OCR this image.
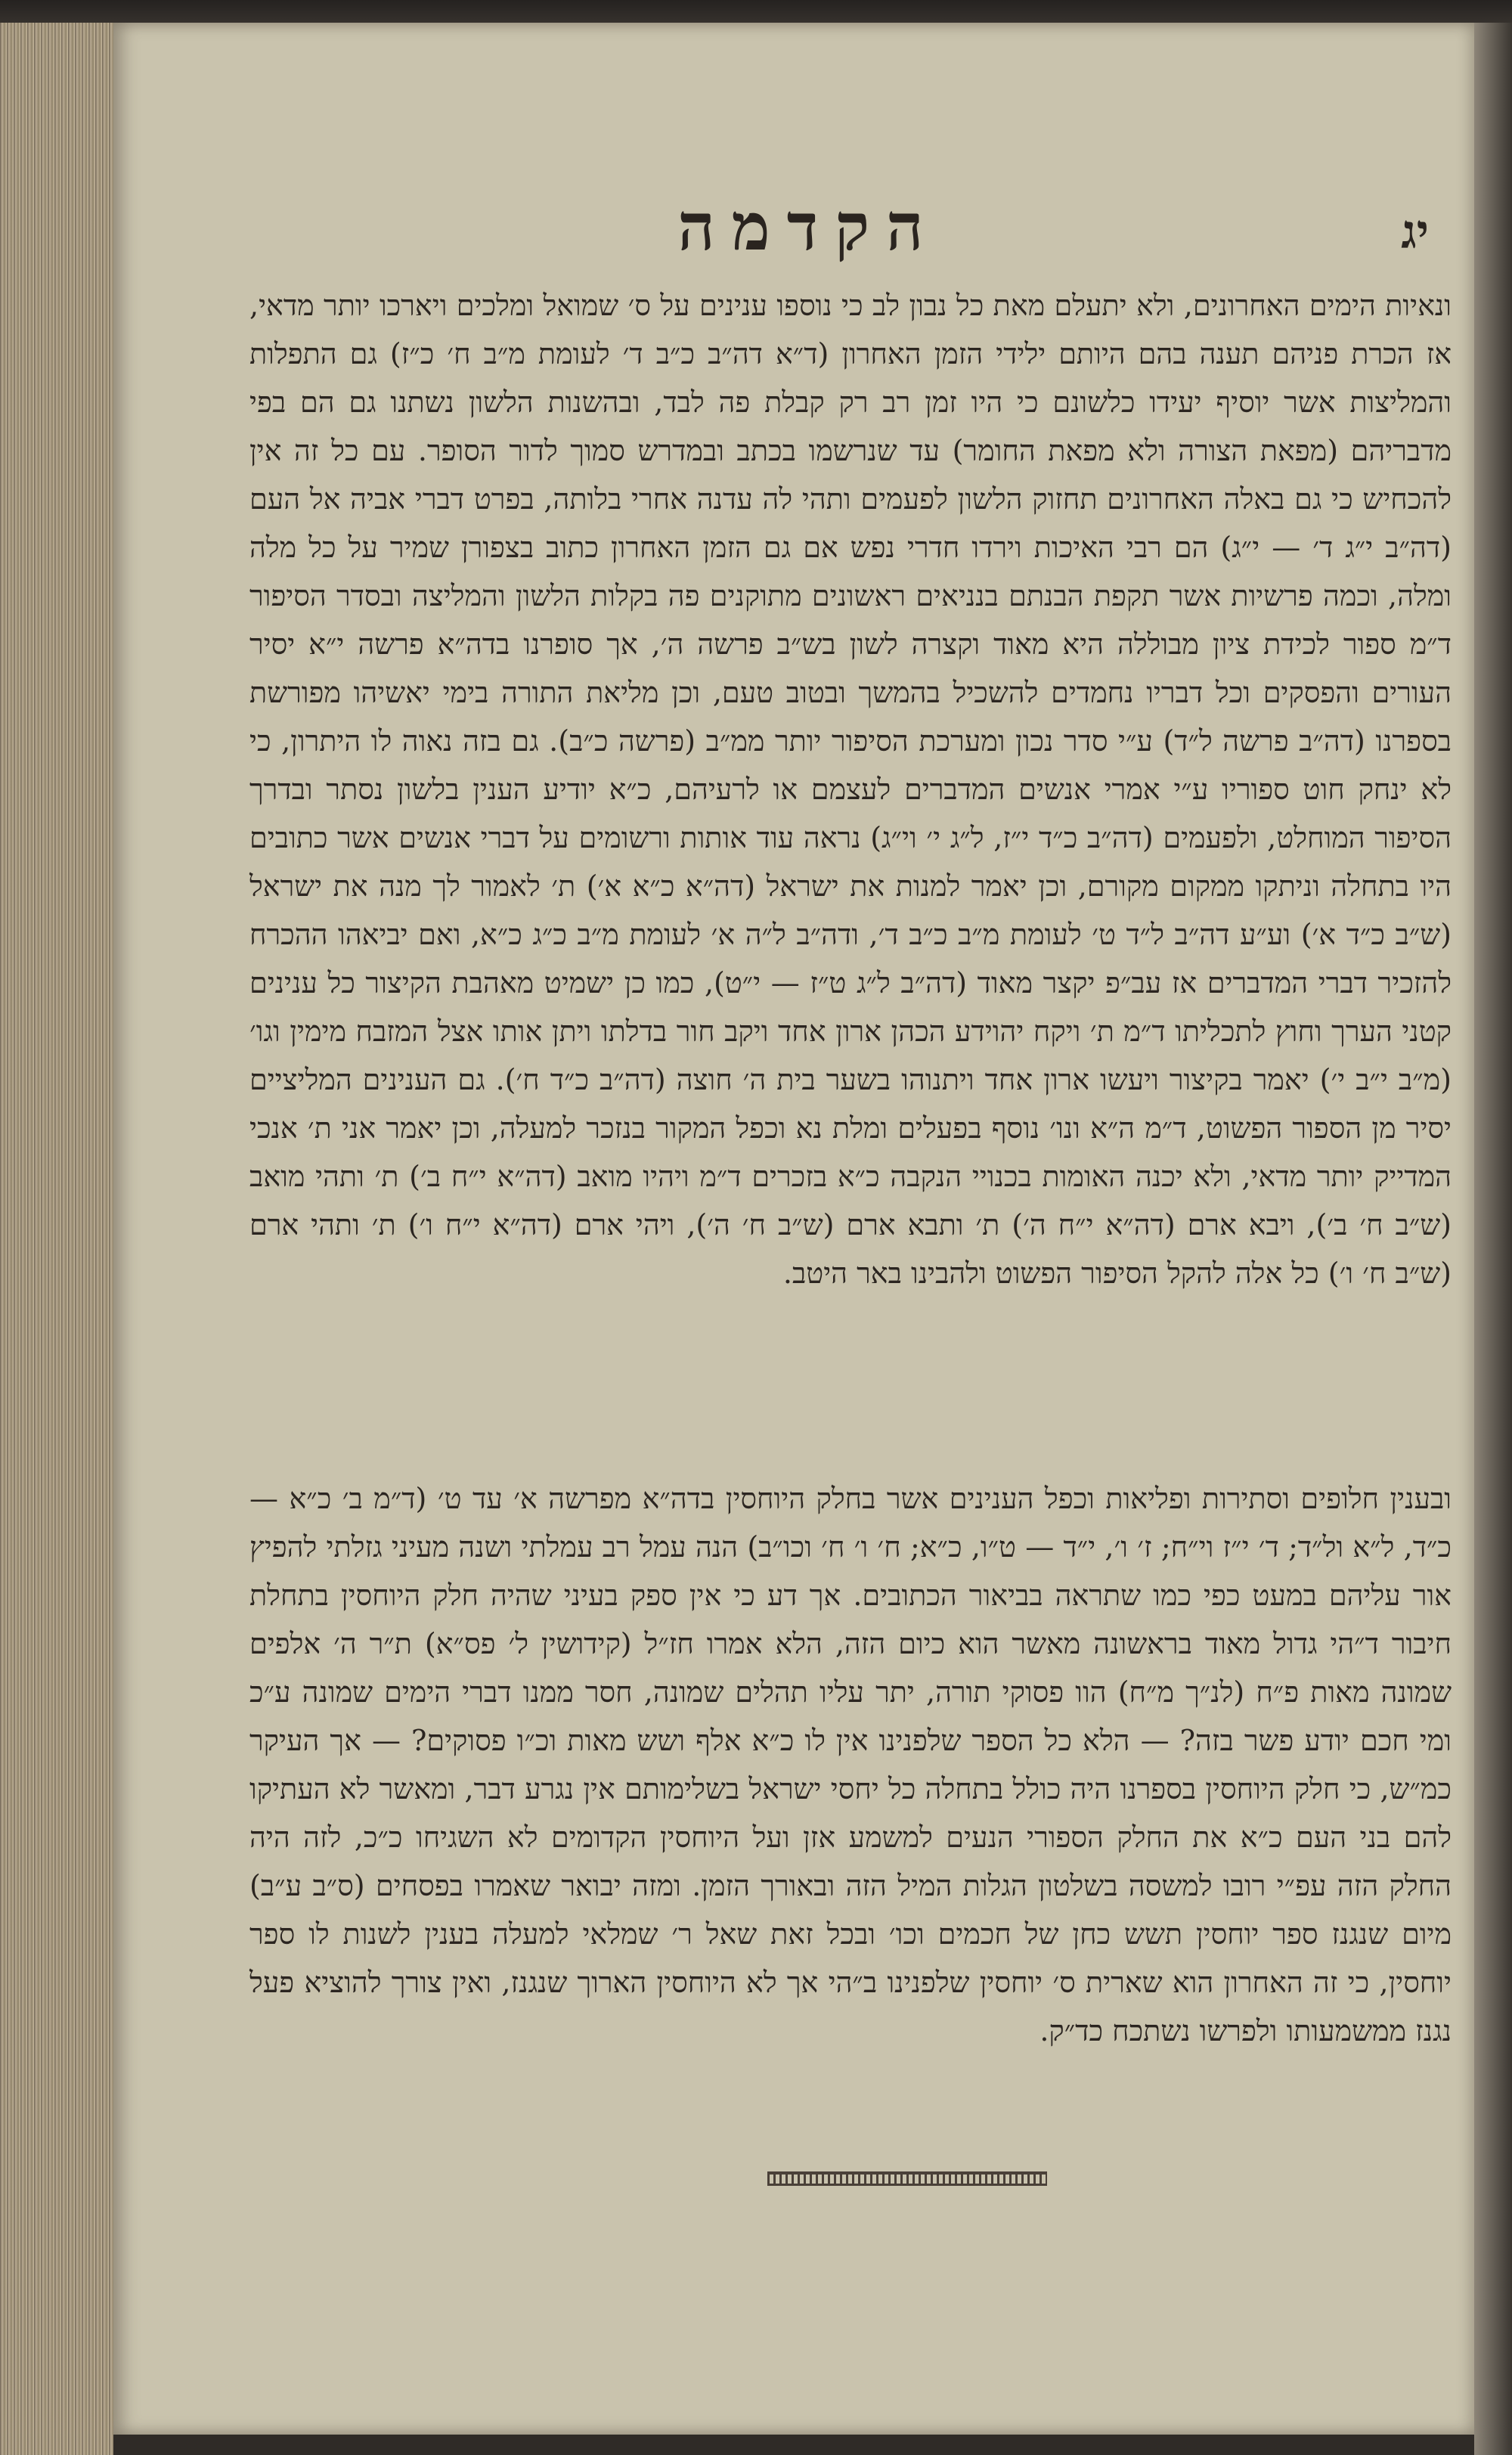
יג
הקדמה

ונאיות הימים האחרונים, ולא יתעלם מאת כל נבון לב כי נוספו ענינים על ס׳ שמואל ומלכים ויארכו יותר מדאי, אז הכרת פניהם תענה בהם היותם ילידי הזמן האחרון (ד״א דה״ב כ״ב ד׳ לעומת מ״ב ח׳ כ״ז) גם התפלות והמליצות אשר יוסיף יעידו כלשונם כי היו זמן רב רק קבלת פה לבד, ובהשנות הלשון נשתנו גם הם בפי מדבריהם (מפאת הצורה ולא מפאת החומר) עד שנרשמו בכתב ובמדרש סמוך לדור הסופר. עם כל זה אין להכחיש כי גם באלה האחרונים תחזוק הלשון לפעמים ותהי לה עדנה אחרי בלותה, בפרט דברי אביה אל העם (דה״ב י״ג ד׳ — י״ג) הם רבי האיכות וירדו חדרי נפש אם גם הזמן האחרון כתוב בצפורן שמיר על כל מלה ומלה, וכמה פרשיות אשר תקפת הבנתם בנניאים ראשונים מתוקנים פה בקלות הלשון והמליצה ובסדר הסיפור ד״מ ספור לכידת ציון מבוללה היא מאוד וקצרה לשון בש״ב פרשה ה׳, אך סופרנו בדה״א פרשה י״א יסיר העורים והפסקים וכל דבריו נחמדים להשכיל בהמשך ובטוב טעם, וכן מליאת התורה בימי יאשיהו מפורשת בספרנו (דה״ב פרשה ל״ד) ע״י סדר נכון ומערכת הסיפור יותר ממ״ב (פרשה כ״ב). גם בזה נאוה לו היתרון, כי לא ינחק חוט ספוריו ע״י אמרי אנשים המדברים לעצמם או לרעיהם, כ״א יודיע הענין בלשון נסתר ובדרך הסיפור המוחלט, ולפעמים (דה״ב כ״ד י״ז, ל״ג י׳ וי״ג) נראה עוד אותות ורשומים על דברי אנשים אשר כתובים היו בתחלה וניתקו ממקום מקורם, וכן יאמר למנות את ישראל (דה״א כ״א א׳) ת׳ לאמור לך מנה את ישראל (ש״ב כ״ד א׳) וע״ע דה״ב ל״ד ט׳ לעומת מ״ב כ״ב ד׳, ודה״ב ל״ה א׳ לעומת מ״ב כ״ג כ״א, ואם יביאהו ההכרח להזכיר דברי המדברים אז עב״פ יקצר מאוד (דה״ב ל״ג ט״ז — י״ט), כמו כן ישמיט מאהבת הקיצור כל ענינים קטני הערך וחוץ לתכליתו ד״מ ת׳ ויקח יהוידע הכהן ארון אחד ויקב חור בדלתו ויתן אותו אצל המזבח מימין וגו׳ (מ״ב י״ב י׳) יאמר בקיצור ויעשו ארון אחד ויתנוהו בשער בית ה׳ חוצה (דה״ב כ״ד ח׳). גם הענינים המליציים יסיר מן הספור הפשוט, ד״מ ה״א ונו׳ נוסף בפעלים ומלת נא וכפל המקור בנזכר למעלה, וכן יאמר אני ת׳ אנכי המדייק יותר מדאי, ולא יכנה האומות בכנויי הנקבה כ״א בזכרים ד״מ ויהיו מואב (דה״א י״ח ב׳) ת׳ ותהי מואב (ש״ב ח׳ ב׳), ויבא ארם (דה״א י״ח ה׳) ת׳ ותבא ארם (ש״ב ח׳ ה׳), ויהי ארם (דה״א י״ח ו׳) ת׳ ותהי ארם (ש״ב ח׳ ו׳) כל אלה להקל הסיפור הפשוט ולהבינו באר היטב.

ובענין חלופים וסתירות ופליאות וכפל הענינים אשר בחלק היוחסין בדה״א מפרשה א׳ עד ט׳ (ד״מ ב׳ כ״א — כ״ד, ל״א ול״ד; ד׳ י״ז וי״ח; ז׳ ו׳, י״ד — ט״ו, כ״א; ח׳ ו׳ ח׳ וכו״ב) הנה עמל רב עמלתי ושנה מעיני גזלתי להפיץ אור עליהם במעט כפי כמו שתראה בביאור הכתובים. אך דע כי אין ספק בעיני שהיה חלק היוחסין בתחלת חיבור ד״הי גדול מאוד בראשונה מאשר הוא כיום הזה, הלא אמרו חז״ל (קידושין ל׳ פס״א) ת״ר ה׳ אלפים שמונה מאות פ״ח (לנ״ך מ״ח) הוו פסוקי תורה, יתר עליו תהלים שמונה, חסר ממנו דברי הימים שמונה ע״כ ומי חכם יודע פשר בזה? — הלא כל הספר שלפנינו אין לו כ״א אלף ושש מאות וכ״ו פסוקים? — אך העיקר כמ״ש, כי חלק היוחסין בספרנו היה כולל בתחלה כל יחסי ישראל בשלימותם אין נגרע דבר, ומאשר לא העתיקו להם בני העם כ״א את החלק הספורי הנעים למשמע אזן ועל היוחסין הקדומים לא השגיחו כ״כ, לזה היה החלק הזה עפ״י רובו למשסה בשלטון הגלות המיל הזה ובאורך הזמן. ומזה יבואר שאמרו בפסחים (ס״ב ע״ב) מיום שנגנז ספר יוחסין תשש כחן של חכמים וכו׳ ובכל זאת שאל ר׳ שמלאי למעלה בענין לשנות לו ספר יוחסין, כי זה האחרון הוא שארית ס׳ יוחסין שלפנינו ב״הי אך לא היוחסין הארוך שנגנז, ואין צורך להוציא פעל נגנז ממשמעותו ולפרשו נשתכח כד״ק.
